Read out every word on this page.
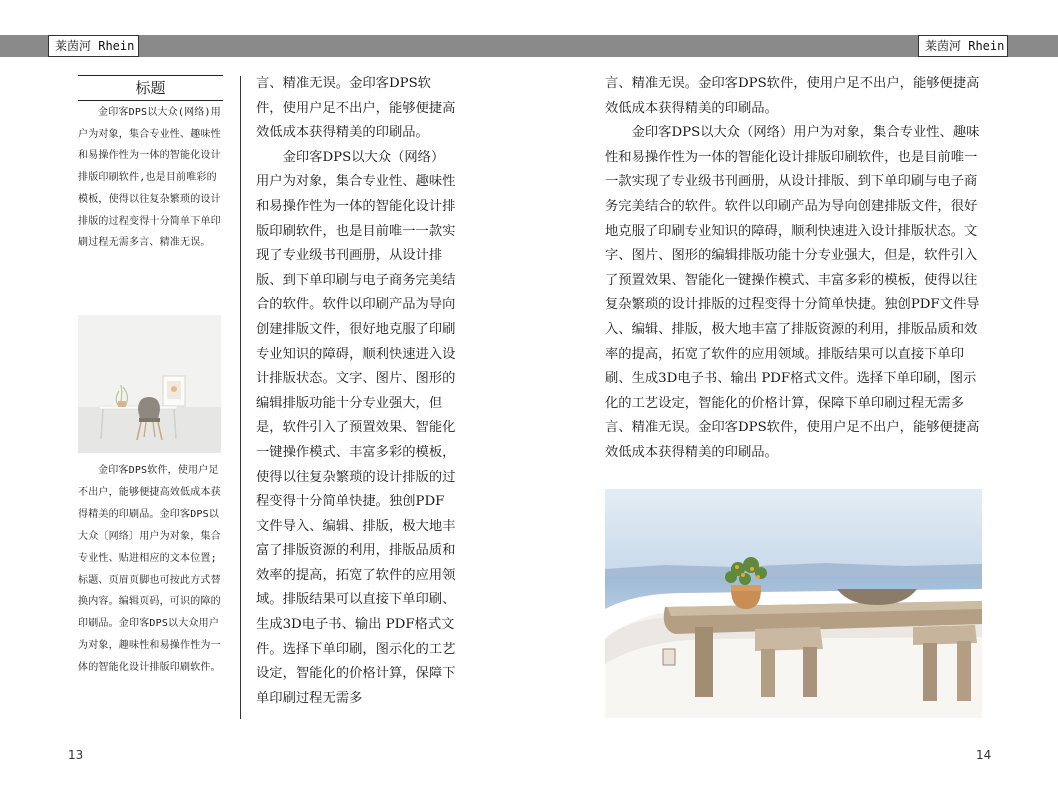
莱茵河 Rhein	莱茵河 Rhein
标题

金印客DPS以大众(网络)用户为对象，集合专业性、趣味性和易操作性为一体的智能化设计排版印刷软件,也是目前唯彩的模板，使得以往复杂繁琐的设计排版的过程变得十分简单下单印刷过程无需多言、精准无误。

金印客DPS软件，使用户足不出户，能够便捷高效低成本获得精美的印刷品。金印客DPS以大众〔网络〕用户为对象，集合专业性、贴进相应的文本位置;标题、页眉页脚也可按此方式替换内容。编辑页码，可识的障的印刷品。金印客DPS以大众用户为对象，趣味性和易操作性为一体的智能化设计排版印刷软件。

言、精准无误。金印客DPS软件，使用户足不出户，能够便捷高效低成本获得精美的印刷品。

金印客DPS以大众（网络）用户为对象，集合专业性、趣味性和易操作性为一体的智能化设计排版印刷软件，也是目前唯一一款实现了专业级书刊画册，从设计排版、到下单印刷与电子商务完美结合的软件。软件以印刷产品为导向创建排版文件，很好地克服了印刷专业知识的障碍，顺利快速进入设计排版状态。文字、图片、图形的编辑排版功能十分专业强大，但是，软件引入了预置效果、智能化一键操作模式、丰富多彩的模板，使得以往复杂繁琐的设计排版的过程变得十分简单快捷。独创PDF文件导入、编辑、排版，极大地丰富了排版资源的利用，排版品质和效率的提高，拓宽了软件的应用领域。排版结果可以直接下单印刷、生成3D电子书、输出 PDF格式文件。选择下单印刷，图示化的工艺设定，智能化的价格计算，保障下单印刷过程无需多

言、精准无误。金印客DPS软件，使用户足不出户，能够便捷高效低成本获得精美的印刷品。

金印客DPS以大众（网络）用户为对象，集合专业性、趣味性和易操作性为一体的智能化设计排版印刷软件，也是目前唯一一款实现了专业级书刊画册，从设计排版、到下单印刷与电子商务完美结合的软件。软件以印刷产品为导向创建排版文件，很好地克服了印刷专业知识的障碍，顺利快速进入设计排版状态。文字、图片、图形的编辑排版功能十分专业强大，但是，软件引入了预置效果、智能化一键操作模式、丰富多彩的模板，使得以往复杂繁琐的设计排版的过程变得十分简单快捷。独创PDF文件导入、编辑、排版，极大地丰富了排版资源的利用，排版品质和效率的提高，拓宽了软件的应用领域。排版结果可以直接下单印刷、生成3D电子书、输出 PDF格式文件。选择下单印刷，图示化的工艺设定，智能化的价格计算，保障下单印刷过程无需多言、精准无误。金印客DPS软件，使用户足不出户，能够便捷高效低成本获得精美的印刷品。

13	14
